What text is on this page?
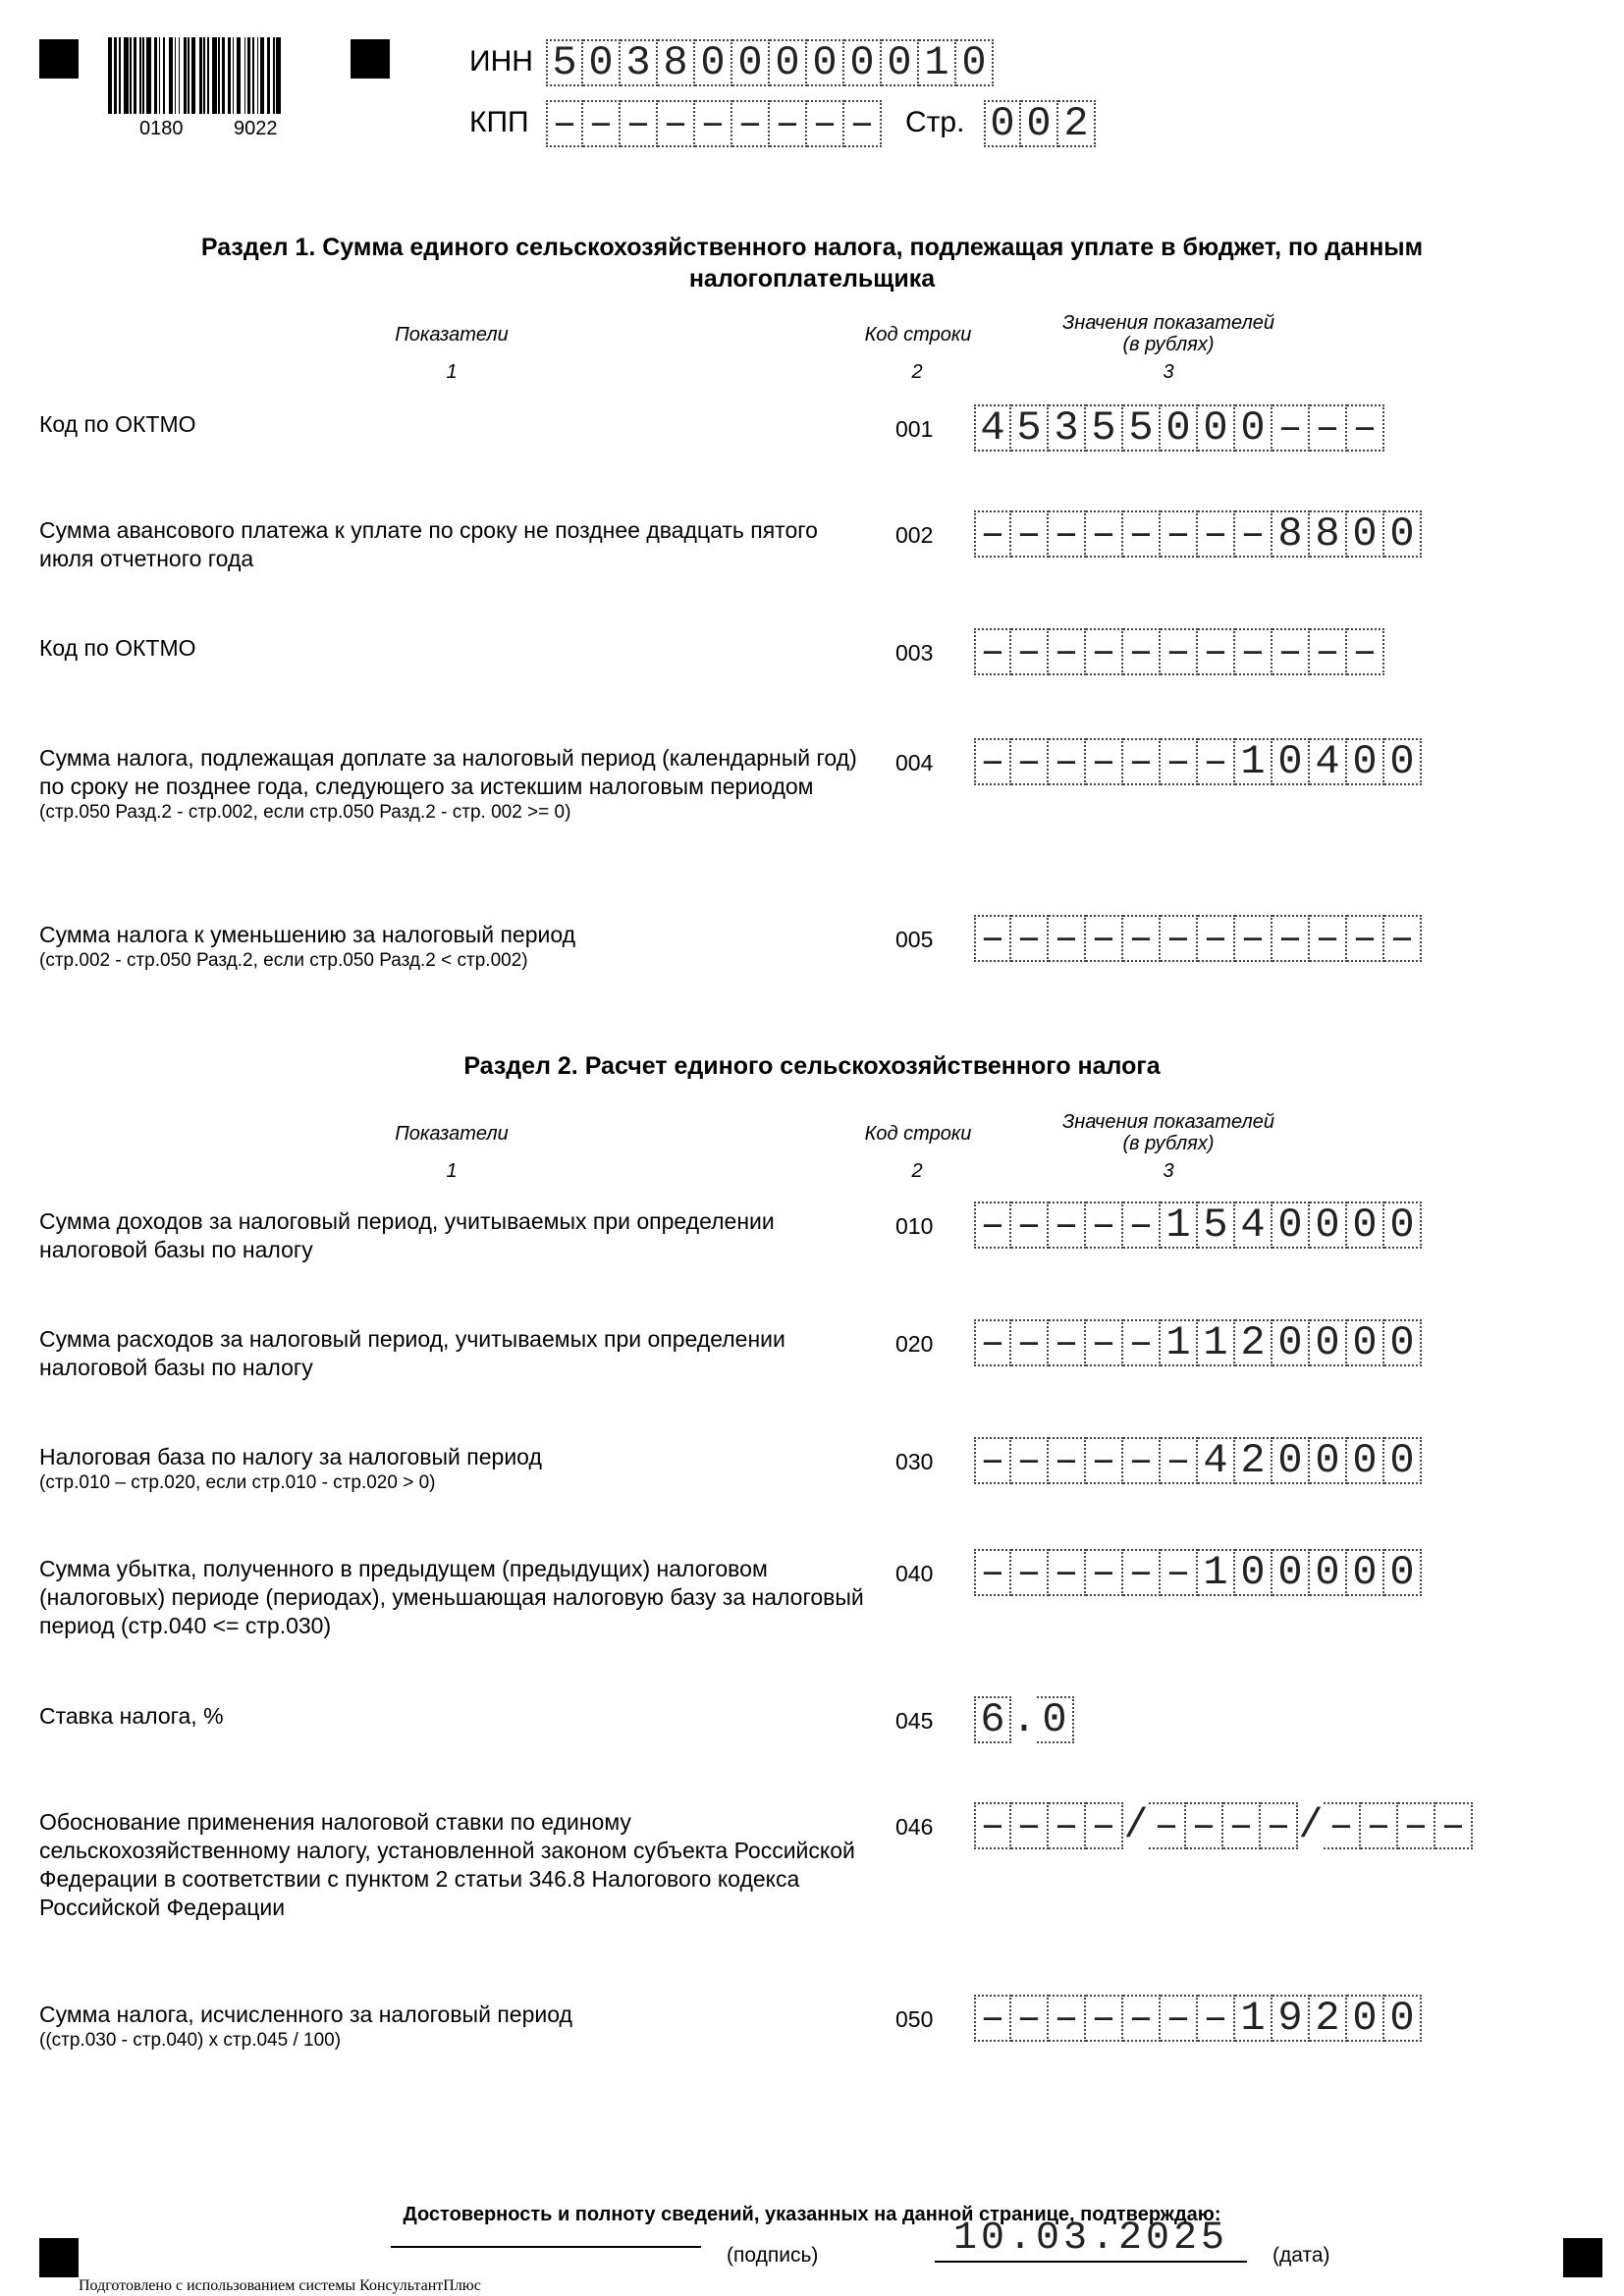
0180	9022
ИНН 5 0 3 8 0 0 0 0 0 0 1 0
КПП – – – – – – – – – Стр. 0 0 2
Раздел 1. Сумма единого сельскохозяйственного налога, подлежащая уплате в бюджет, по данным
налогоплательщика
Показатели	Код строки
Значения показателей
(в рублях)
1	2	3
Код по ОКТМО	001 4 5 3 5 5 0 0 0 – – –
Сумма авансового платежа к уплате по сроку не позднее двадцать пятого июля отчетного года
002 – – – – – – – – 8 8 0 0
Код по ОКТМО	003 – – – – – – – – – – –
Сумма налога, подлежащая доплате за налоговый период (календарный год) по сроку не позднее года, следующего за истекшим налоговым периодом
(стр.050 Разд.2 - стр.002, если стр.050 Разд.2 - стр. 002 >= 0)
004 – – – – – – – 1 0 4 0 0
Сумма налога к уменьшению за налоговый период
(стр.002 - стр.050 Разд.2, если стр.050 Разд.2 < стр.002)
005 – – – – – – – – – – – –
Раздел 2. Расчет единого сельскохозяйственного налога
Показатели	Код строки
Значения показателей
(в рублях)
1	2	3
Сумма доходов за налоговый период, учитываемых при определении налоговой базы по налогу
010 – – – – – 1 5 4 0 0 0 0
Сумма расходов за налоговый период, учитываемых при определении налоговой базы по налогу
020 – – – – – 1 1 2 0 0 0 0
Налоговая база по налогу за налоговый период
(стр.010 – стр.020, если стр.010 - стр.020 > 0)
030 – – – – – – 4 2 0 0 0 0
Сумма убытка, полученного в предыдущем (предыдущих) налоговом (налоговых) периоде (периодах), уменьшающая налоговую базу за налоговый период (стр.040 <= стр.030)
040 – – – – – – 1 0 0 0 0 0
Ставка налога, %	045 6 . 0
Обоснование применения налоговой ставки по единому сельскохозяйственному налогу, установленной законом субъекта Российской Федерации в соответствии с пунктом 2 статьи 346.8 Налогового кодекса Российской Федерации
046 – – – – / – – – – / – – – –
Сумма налога, исчисленного за налоговый период
((стр.030 - стр.040) x стр.045 / 100)
050 – – – – – – – 1 9 2 0 0
Достоверность и полноту сведений, указанных на данной странице, подтверждаю:
(подпись)	10.03.2025	(дата)
Подготовлено с использованием системы КонсультантПлюс
